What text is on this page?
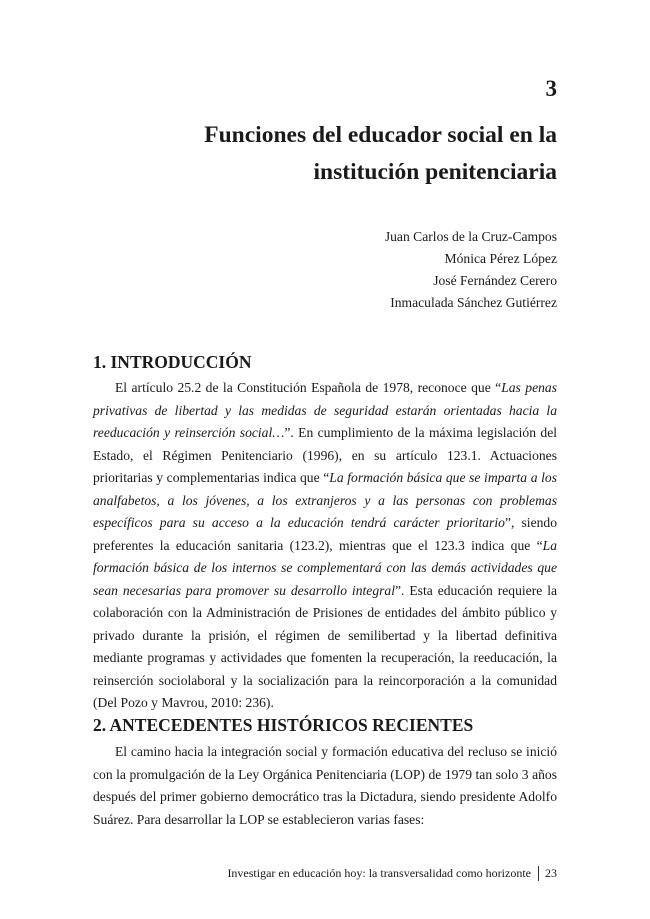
3
Funciones del educador social en la institución penitenciaria
Juan Carlos de la Cruz-Campos
Mónica Pérez López
José Fernández Cerero
Inmaculada Sánchez Gutiérrez
1. INTRODUCCIÓN

El artículo 25.2 de la Constitución Española de 1978, reconoce que “Las penas privativas de libertad y las medidas de seguridad estarán orientadas hacia la reeducación y reinserción social…”. En cumplimiento de la máxima legislación del Estado, el Régimen Penitenciario (1996), en su artículo 123.1. Actuaciones prioritarias y complementarias indica que “La formación básica que se imparta a los analfabetos, a los jóvenes, a los extranjeros y a las personas con problemas específicos para su acceso a la educación tendrá carácter prioritario”, siendo preferentes la educación sanitaria (123.2), mientras que el 123.3 indica que “La formación básica de los internos se complementará con las demás actividades que sean necesarias para promover su desarrollo integral”. Esta educación requiere la colaboración con la Administración de Prisiones de entidades del ámbito público y privado durante la prisión, el régimen de semilibertad y la libertad definitiva mediante programas y actividades que fomenten la recuperación, la reeducación, la reinserción sociolaboral y la socialización para la reincorporación a la comunidad (Del Pozo y Mavrou, 2010: 236).

2. ANTECEDENTES HISTÓRICOS RECIENTES

El camino hacia la integración social y formación educativa del recluso se inició con la promulgación de la Ley Orgánica Penitenciaria (LOP) de 1979 tan solo 3 años después del primer gobierno democrático tras la Dictadura, siendo presidente Adolfo Suárez. Para desarrollar la LOP se establecieron varias fases:

Investigar en educación hoy: la transversalidad como horizonte 23
